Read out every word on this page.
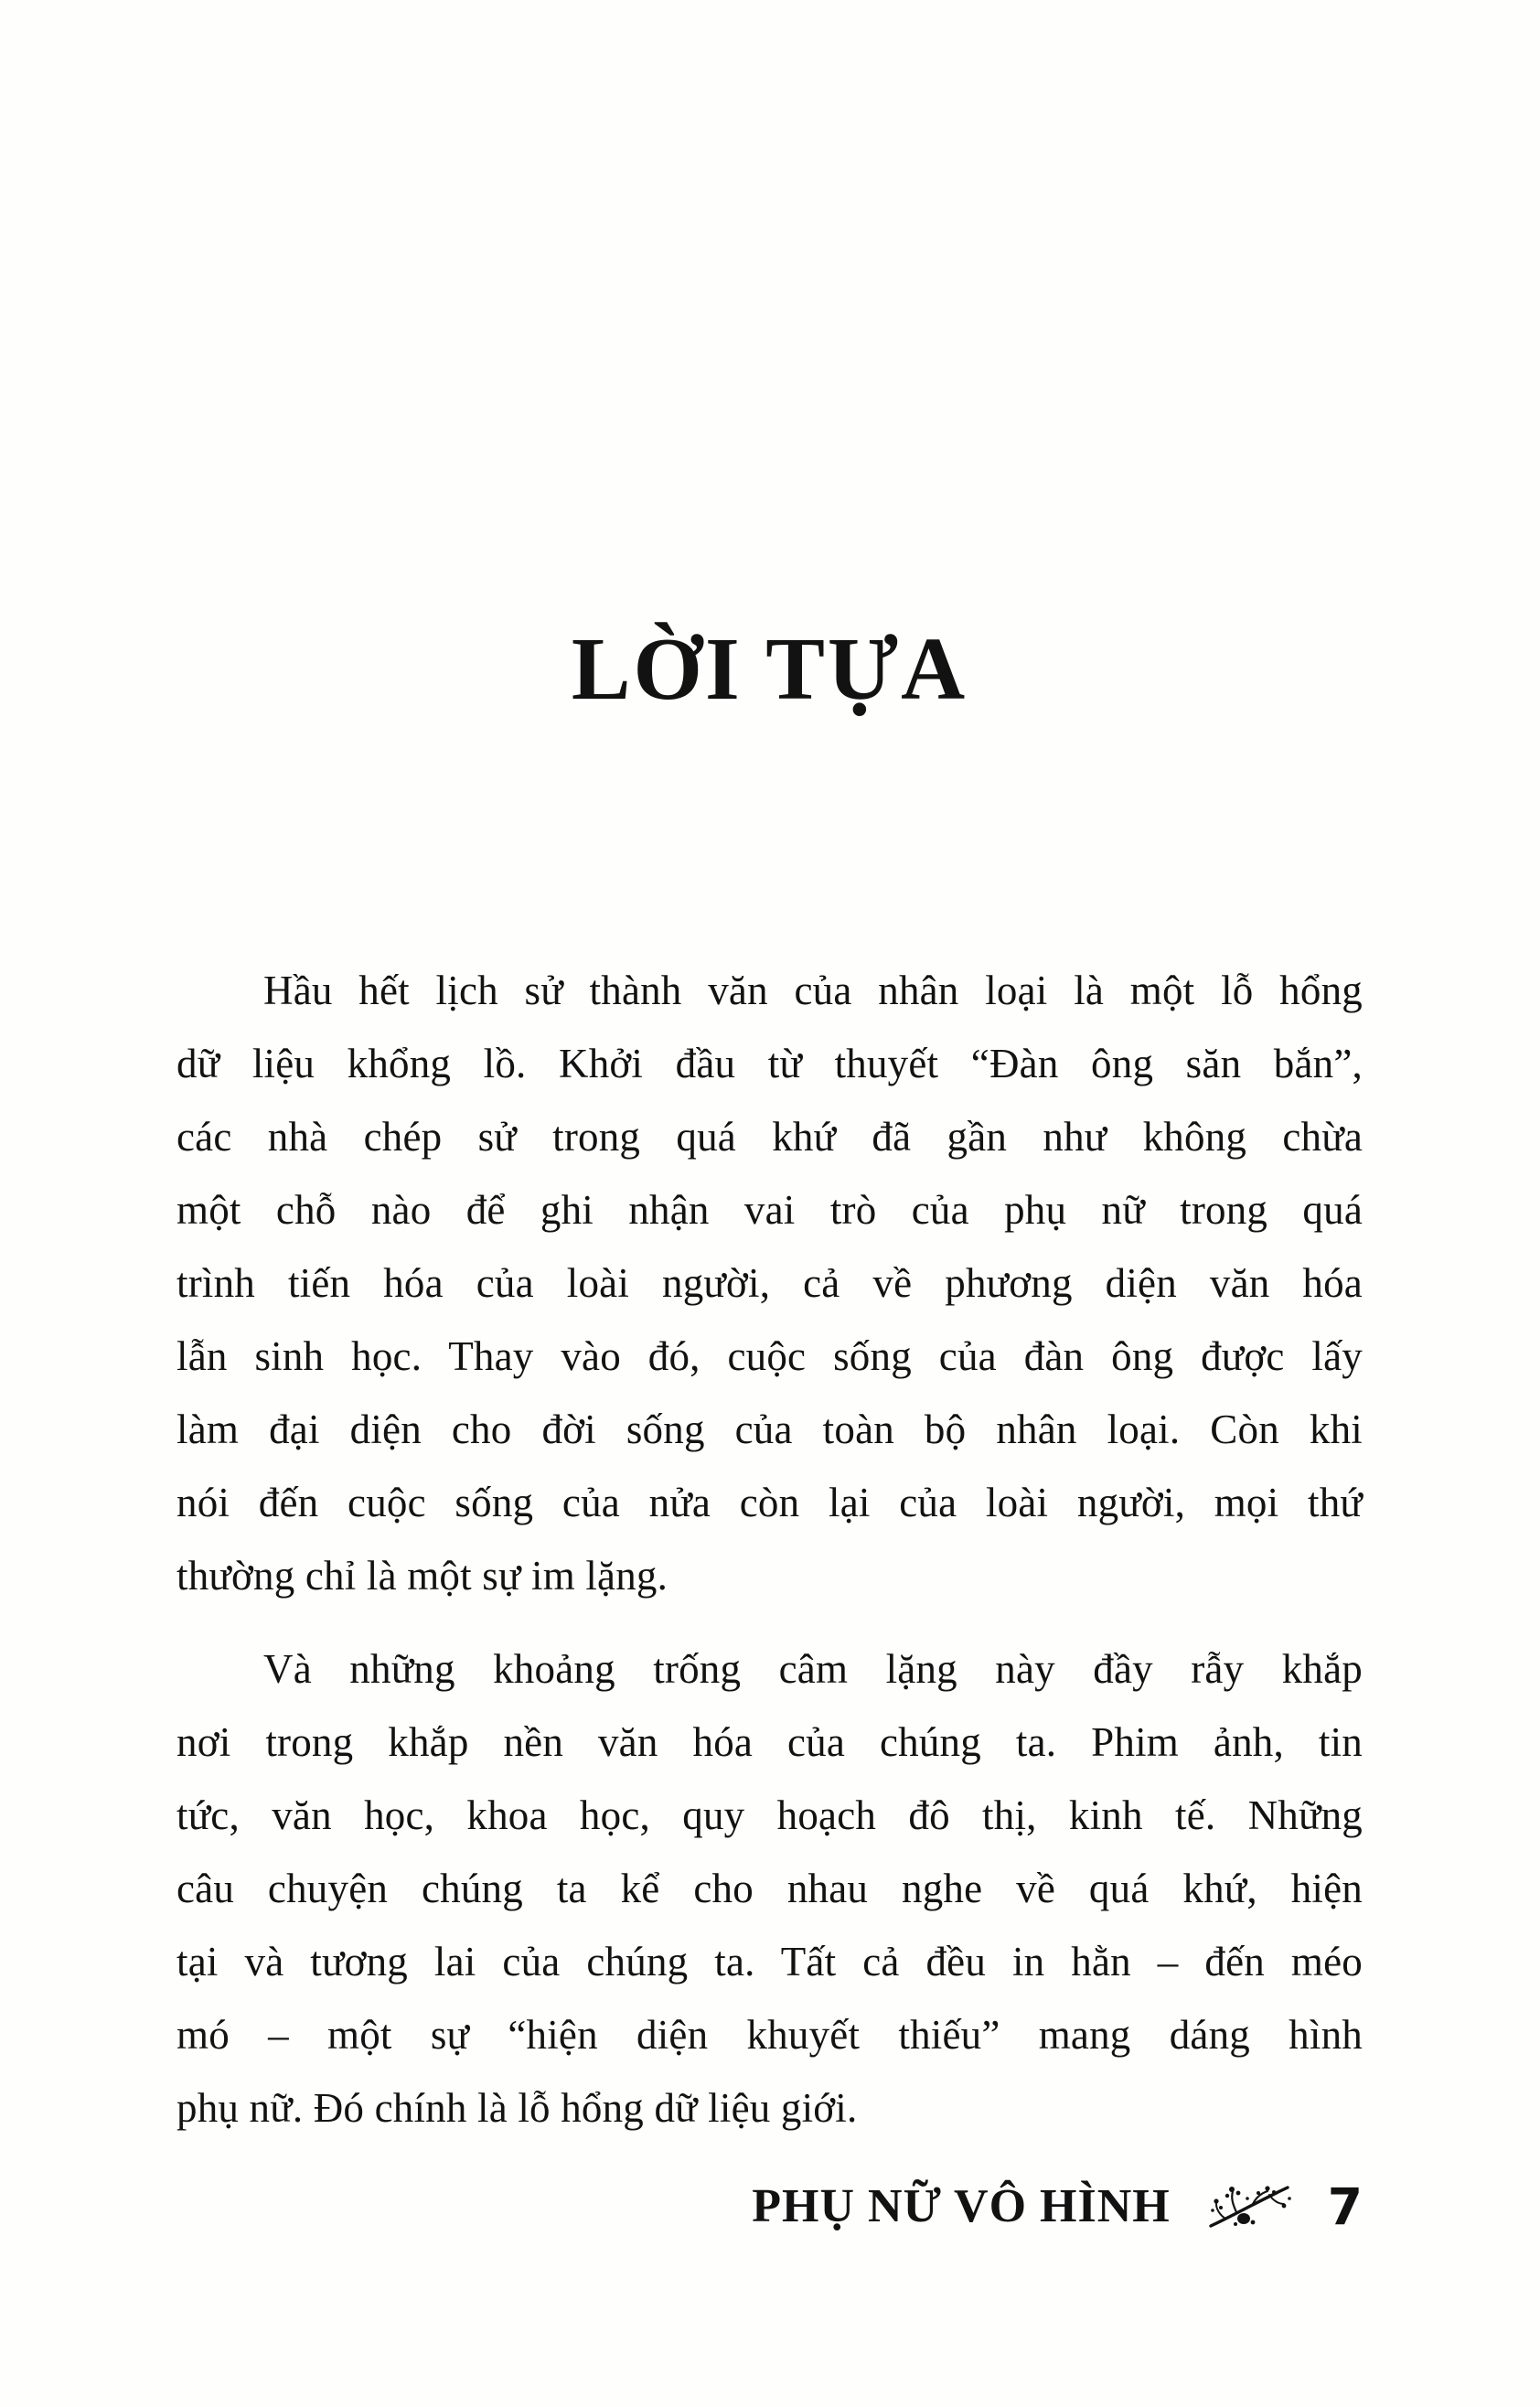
LỜI TỰA
Hầu hết lịch sử thành văn của nhân loại là một lỗ hổng
dữ liệu khổng lồ. Khởi đầu từ thuyết “Đàn ông săn bắn”,
các nhà chép sử trong quá khứ đã gần như không chừa
một chỗ nào để ghi nhận vai trò của phụ nữ trong quá
trình tiến hóa của loài người, cả về phương diện văn hóa
lẫn sinh học. Thay vào đó, cuộc sống của đàn ông được lấy
làm đại diện cho đời sống của toàn bộ nhân loại. Còn khi
nói đến cuộc sống của nửa còn lại của loài người, mọi thứ
thường chỉ là một sự im lặng.
Và những khoảng trống câm lặng này đầy rẫy khắp
nơi trong khắp nền văn hóa của chúng ta. Phim ảnh, tin
tức, văn học, khoa học, quy hoạch đô thị, kinh tế. Những
câu chuyện chúng ta kể cho nhau nghe về quá khứ, hiện
tại và tương lai của chúng ta. Tất cả đều in hằn – đến méo
mó – một sự “hiện diện khuyết thiếu” mang dáng hình
phụ nữ. Đó chính là lỗ hổng dữ liệu giới.
PHỤ NỮ VÔ HÌNH	7
